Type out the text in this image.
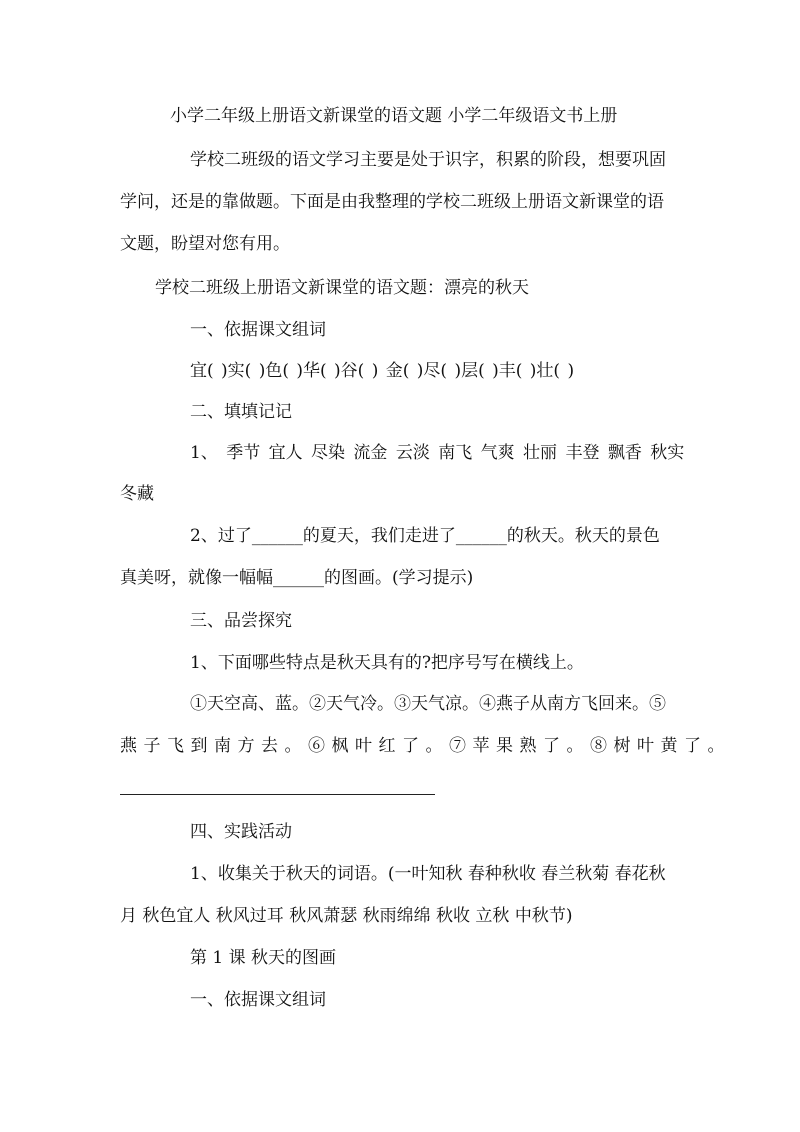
小学二年级上册语文新课堂的语文题 小学二年级语文书上册
学校二班级的语文学习主要是处于识字，积累的阶段，想要巩固
学问，还是的靠做题。下面是由我整理的学校二班级上册语文新课堂的语
文题，盼望对您有用。
学校二班级上册语文新课堂的语文题：漂亮的秋天
一、依据课文组词
宜( )实( )色( )华( )谷( ) 金( )尽( )层( )丰( )壮( )
二、填填记记
1、 季节 宜人 尽染 流金 云淡 南飞 气爽 壮丽 丰登 飘香 秋实
冬藏
2、过了______的夏天，我们走进了______的秋天。秋天的景色
真美呀，就像一幅幅______的图画。(学习提示)
三、品尝探究
1、下面哪些特点是秋天具有的?把序号写在横线上。
①天空高、蓝。②天气冷。③天气凉。④燕子从南方飞回来。⑤
燕子飞到南方去。⑥枫叶红了。⑦苹果熟了。⑧树叶黄了。
四、实践活动
1、收集关于秋天的词语。(一叶知秋 春种秋收 春兰秋菊 春花秋
月 秋色宜人 秋风过耳 秋风萧瑟 秋雨绵绵 秋收 立秋 中秋节)
第 1 课 秋天的图画
一、依据课文组词
